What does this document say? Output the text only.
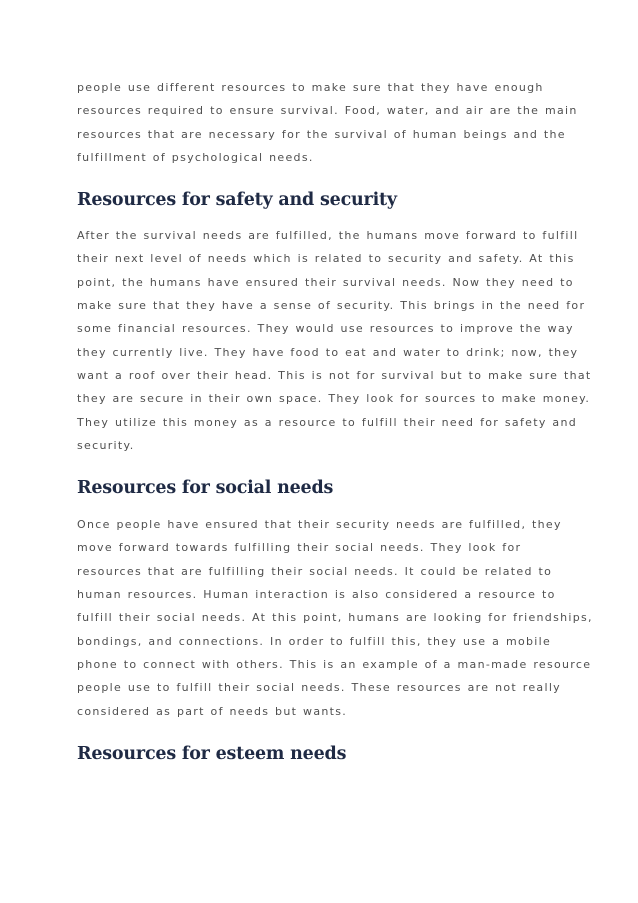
people use different resources to make sure that they have enough

resources required to ensure survival. Food, water, and air are the main

resources that are necessary for the survival of human beings and the

fulfillment of psychological needs.

Resources for safety and security

After the survival needs are fulfilled, the humans move forward to fulfill

their next level of needs which is related to security and safety. At this

point, the humans have ensured their survival needs. Now they need to

make sure that they have a sense of security. This brings in the need for

some financial resources. They would use resources to improve the way

they currently live. They have food to eat and water to drink; now, they

want a roof over their head. This is not for survival but to make sure that

they are secure in their own space. They look for sources to make money.

They utilize this money as a resource to fulfill their need for safety and

security.

Resources for social needs

Once people have ensured that their security needs are fulfilled, they

move forward towards fulfilling their social needs. They look for

resources that are fulfilling their social needs. It could be related to

human resources. Human interaction is also considered a resource to

fulfill their social needs. At this point, humans are looking for friendships,

bondings, and connections. In order to fulfill this, they use a mobile

phone to connect with others. This is an example of a man-made resource

people use to fulfill their social needs. These resources are not really

considered as part of needs but wants.

Resources for esteem needs
